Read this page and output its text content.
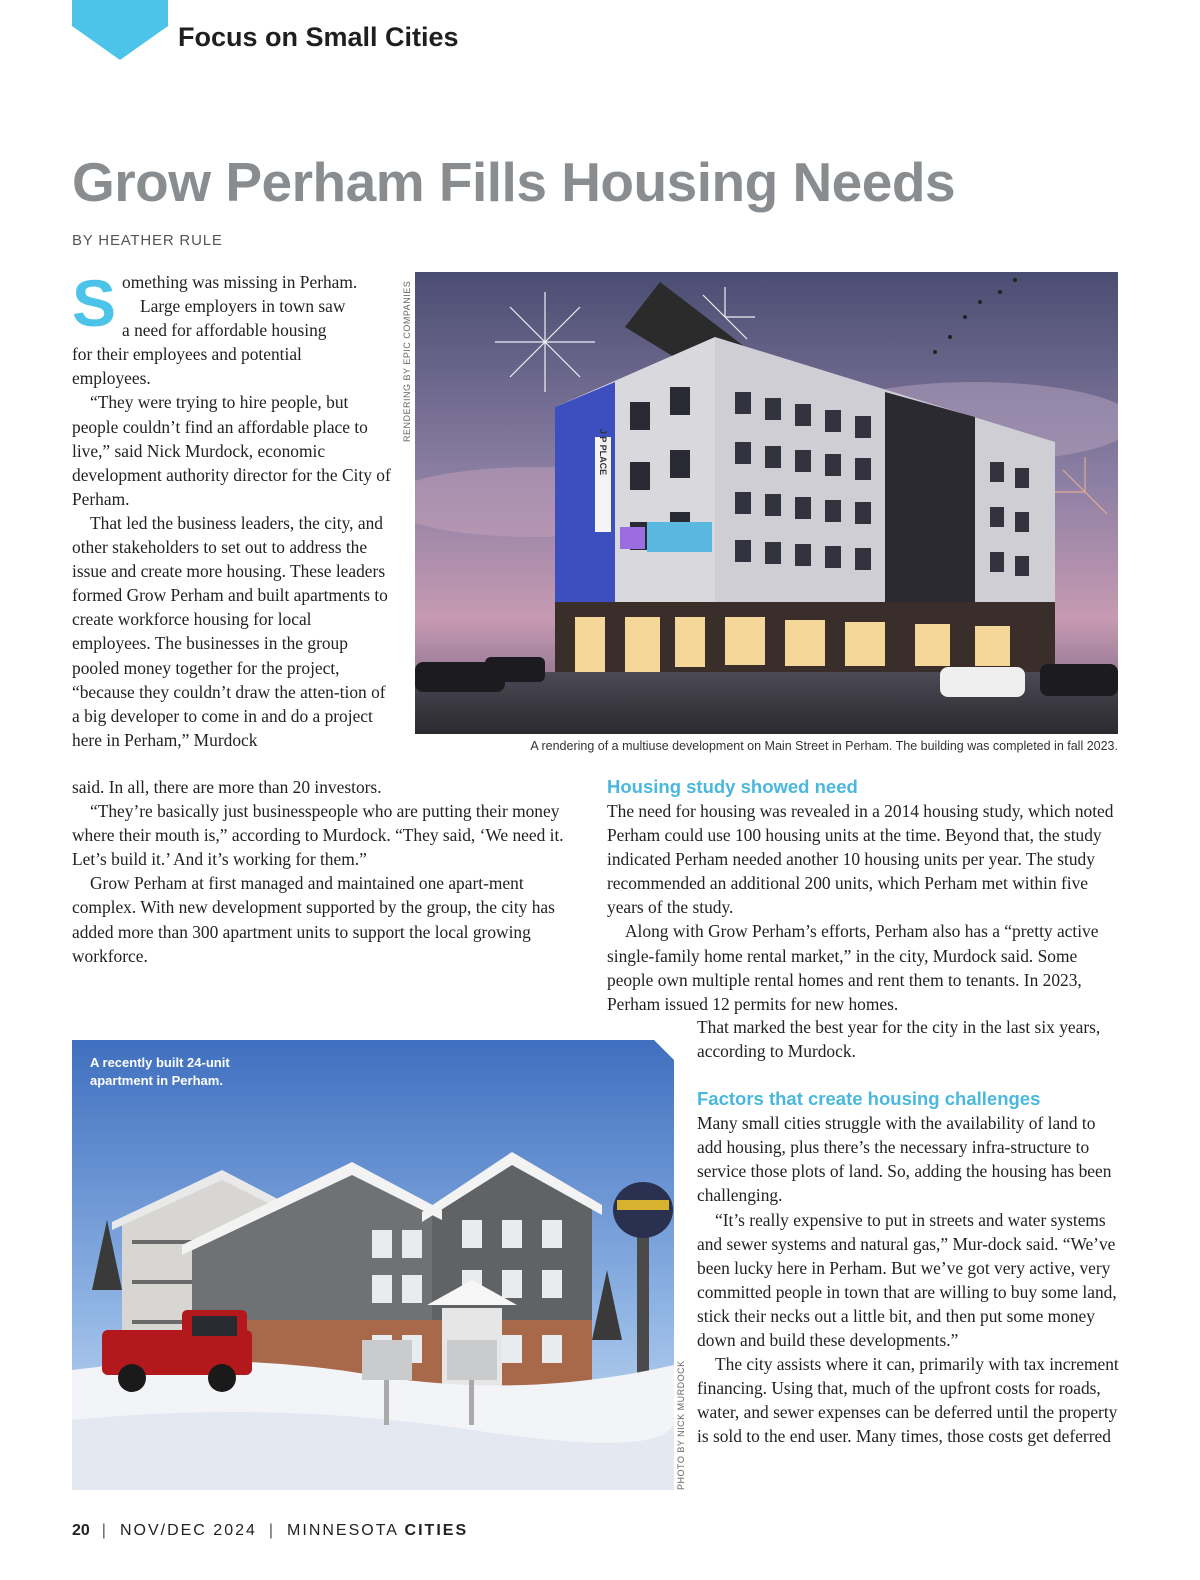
Focus on Small Cities
Grow Perham Fills Housing Needs
BY HEATHER RULE
S omething was missing in Perham.
Large employers in town saw
a need for affordable housing
for their employees and potential
employees.

“They were trying to hire people, but people couldn’t find an affordable place to live,” said Nick Murdock, economic development authority director for the City of Perham.

That led the business leaders, the city, and other stakeholders to set out to address the issue and create more housing. These leaders formed Grow Perham and built apartments to create workforce housing for local employees. The businesses in the group pooled money together for the project, “because they couldn’t draw the atten-tion of a big developer to come in and do a project here in Perham,” Murdock

RENDERING BY EPIC COMPANIES
J P PLACE
A rendering of a multiuse development on Main Street in Perham. The building was completed in fall 2023.

said. In all, there are more than 20 investors.

“They’re basically just businesspeople who are putting their money where their mouth is,” according to Murdock. “They said, ‘We need it. Let’s build it.’ And it’s working for them.”

Grow Perham at first managed and maintained one apart-ment complex. With new development supported by the group, the city has added more than 300 apartment units to support the local growing workforce.

Housing study showed need

The need for housing was revealed in a 2014 housing study, which noted Perham could use 100 housing units at the time. Beyond that, the study indicated Perham needed another 10 housing units per year. The study recommended an additional 200 units, which Perham met within five years of the study.

Along with Grow Perham’s efforts, Perham also has a “pretty active single-family home rental market,” in the city, Murdock said. Some people own multiple rental homes and rent them to tenants. In 2023, Perham issued 12 permits for new homes.

That marked the best year for the city in the last six years, according to Murdock.

Factors that create housing challenges

Many small cities struggle with the availability of land to add housing, plus there’s the necessary infra-structure to service those plots of land. So, adding the housing has been challenging.

“It’s really expensive to put in streets and water systems and sewer systems and natural gas,” Mur-dock said. “We’ve been lucky here in Perham. But we’ve got very active, very committed people in town that are willing to buy some land, stick their necks out a little bit, and then put some money down and build these developments.”

The city assists where it can, primarily with tax increment financing. Using that, much of the upfront costs for roads, water, and sewer expenses can be deferred until the property is sold to the end user. Many times, those costs get deferred

A recently built 24-unit apartment in Perham.
PHOTO BY NICK MURDOCK
20 | NOV/DEC 2024 | MINNESOTA CITIES
